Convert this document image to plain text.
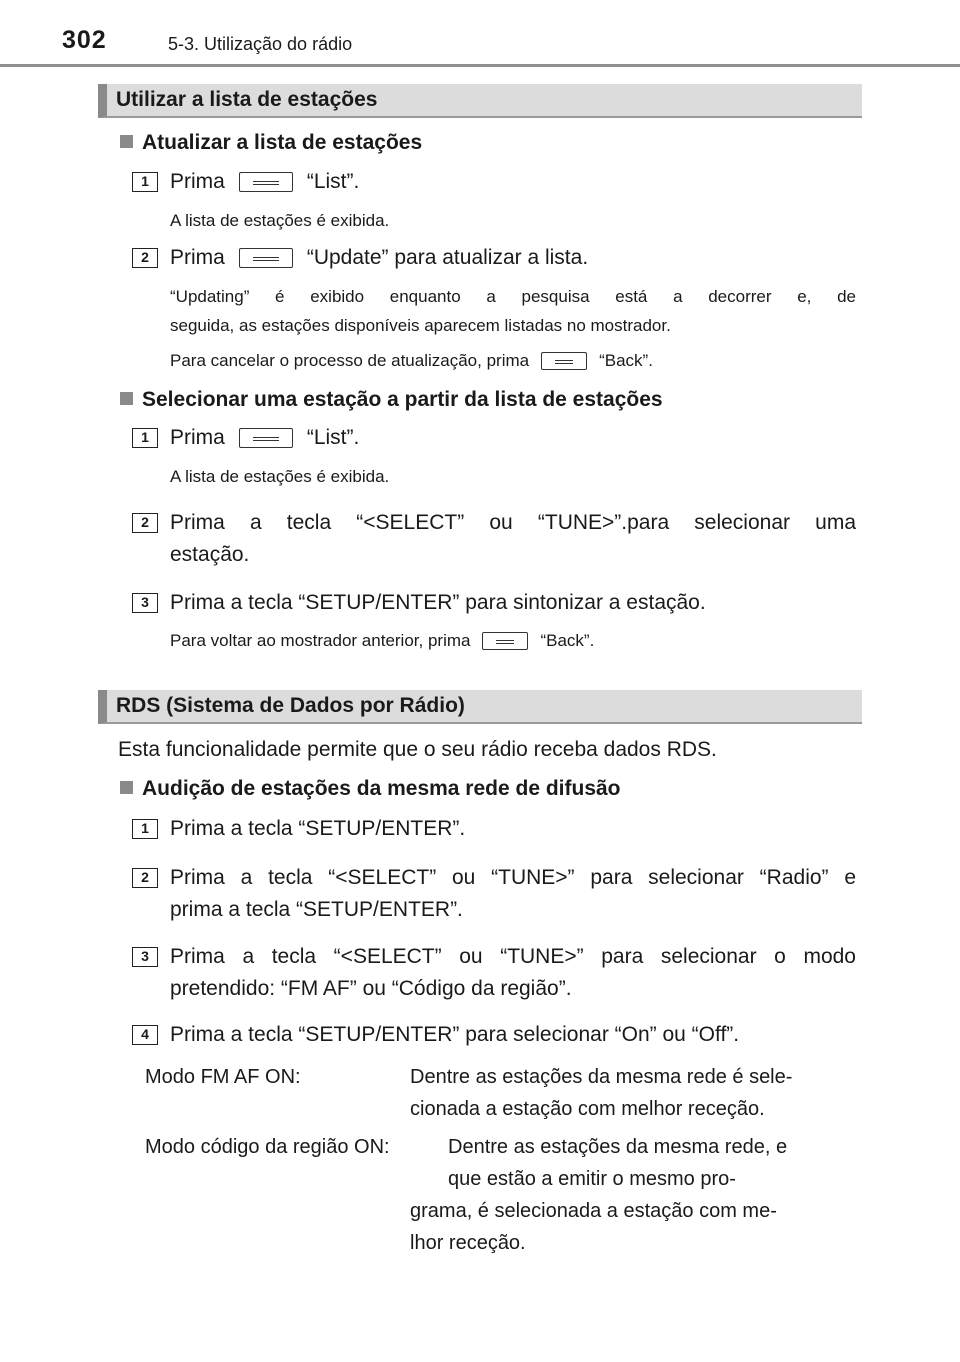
302	5-3. Utilização do rádio
Utilizar a lista de estações
Atualizar a lista de estações
1	Prima	“List”.
A lista de estações é exibida.
2	Prima	“Update” para atualizar a lista.
“Updating” é exibido enquanto a pesquisa está a decorrer e, de
seguida, as estações disponíveis aparecem listadas no mostrador.
Para cancelar o processo de atualização, prima	“Back”.
Selecionar uma estação a partir da lista de estações
1	Prima	“List”.
A lista de estações é exibida.
2	Prima a tecla “<SELECT” ou “TUNE>”.para selecionar uma
estação.
3	Prima a tecla “SETUP/ENTER” para sintonizar a estação.
Para voltar ao mostrador anterior, prima	“Back”.
RDS (Sistema de Dados por Rádio)
Esta funcionalidade permite que o seu rádio receba dados RDS.
Audição de estações da mesma rede de difusão
1	Prima a tecla “SETUP/ENTER”.
2	Prima a tecla “<SELECT” ou “TUNE>” para selecionar “Radio” e
prima a tecla “SETUP/ENTER”.
3	Prima a tecla “<SELECT” ou “TUNE>” para selecionar o modo
pretendido: “FM AF” ou “Código da região”.
4	Prima a tecla “SETUP/ENTER” para selecionar “On” ou “Off”.
Modo FM AF ON:	Dentre as estações da mesma rede é sele-
cionada a estação com melhor receção.
Modo código da região ON:	Dentre as estações da mesma rede, e
que estão a emitir o mesmo pro-
grama, é selecionada a estação com me-
lhor receção.
